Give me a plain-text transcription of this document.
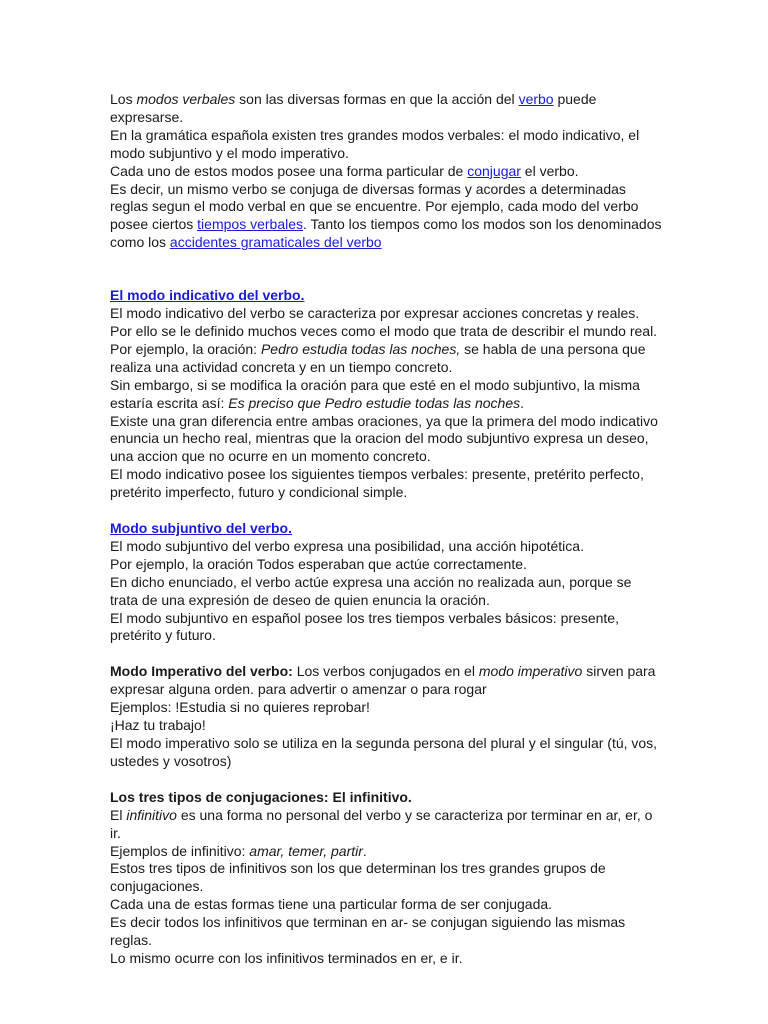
Los modos verbales son las diversas formas en que la acción del verbo puede expresarse.

En la gramática española existen tres grandes modos verbales: el modo indicativo, el modo subjuntivo y el modo imperativo.

Cada uno de estos modos posee una forma particular de conjugar el verbo.

Es decir, un mismo verbo se conjuga de diversas formas y acordes a determinadas reglas segun el modo verbal en que se encuentre. Por ejemplo, cada modo del verbo posee ciertos tiempos verbales. Tanto los tiempos como los modos son los denominados como los accidentes gramaticales del verbo

El modo indicativo del verbo.

El modo indicativo del verbo se caracteriza por expresar acciones concretas y reales. Por ello se le definido muchos veces como el modo que trata de describir el mundo real.

Por ejemplo, la oración: Pedro estudia todas las noches, se habla de una persona que realiza una actividad concreta y en un tiempo concreto.

Sin embargo, si se modifica la oración para que esté en el modo subjuntivo, la misma estaría escrita así: Es preciso que Pedro estudie todas las noches.

Existe una gran diferencia entre ambas oraciones, ya que la primera del modo indicativo enuncia un hecho real, mientras que la oracion del modo subjuntivo expresa un deseo, una accion que no ocurre en un momento concreto.

El modo indicativo posee los siguientes tiempos verbales: presente, pretérito perfecto, pretérito imperfecto, futuro y condicional simple.

Modo subjuntivo del verbo.

El modo subjuntivo del verbo expresa una posibilidad, una acción hipotética.

Por ejemplo, la oración Todos esperaban que actúe correctamente.

En dicho enunciado, el verbo actúe expresa una acción no realizada aun, porque se trata de una expresión de deseo de quien enuncia la oración.

El modo subjuntivo en español posee los tres tiempos verbales básicos: presente, pretérito y futuro.

Modo Imperativo del verbo: Los verbos conjugados en el modo imperativo sirven para expresar alguna orden. para advertir o amenzar o para rogar

Ejemplos: !Estudia si no quieres reprobar!

¡Haz tu trabajo!

El modo imperativo solo se utiliza en la segunda persona del plural y el singular (tú, vos, ustedes y vosotros)

Los tres tipos de conjugaciones: El infinitivo.

El infinitivo es una forma no personal del verbo y se caracteriza por terminar en ar, er, o ir.

Ejemplos de infinitivo: amar, temer, partir.

Estos tres tipos de infinitivos son los que determinan los tres grandes grupos de conjugaciones.

Cada una de estas formas tiene una particular forma de ser conjugada.

Es decir todos los infinitivos que terminan en ar- se conjugan siguiendo las mismas reglas.

Lo mismo ocurre con los infinitivos terminados en er, e ir.
